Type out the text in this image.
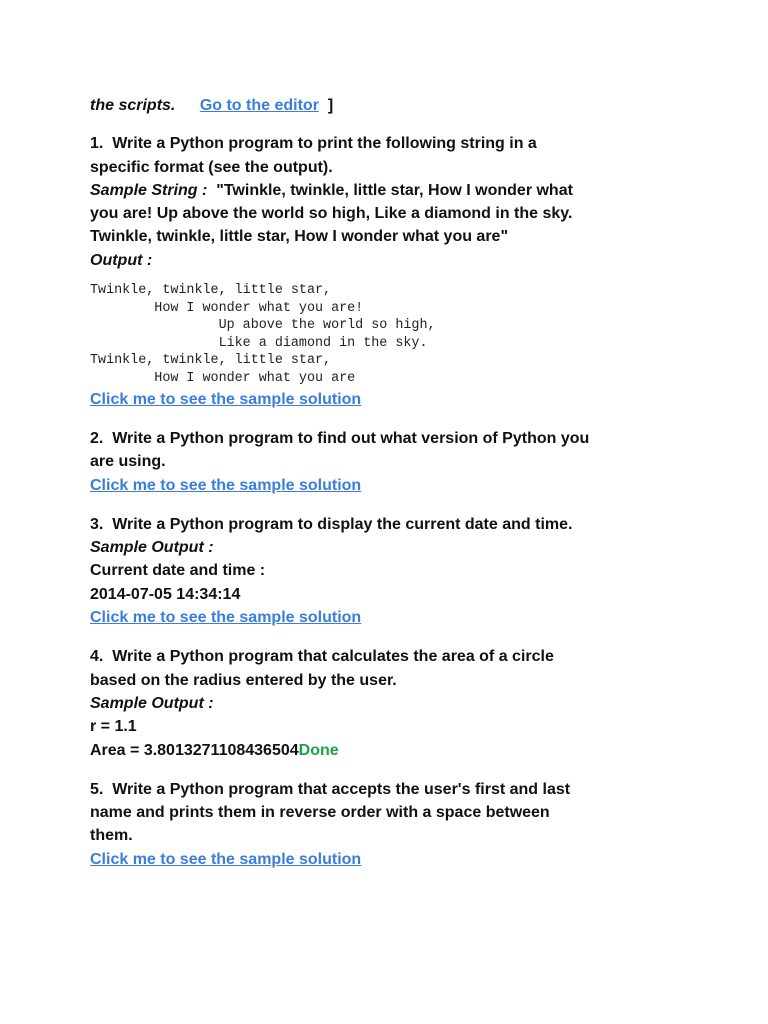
the scripts. Go to the editor ]
1. Write a Python program to print the following string in a
specific format (see the output).
Sample String : "Twinkle, twinkle, little star, How I wonder what
you are! Up above the world so high, Like a diamond in the sky.
Twinkle, twinkle, little star, How I wonder what you are"
Output :
Twinkle, twinkle, little star,
How I wonder what you are!
Up above the world so high,
Like a diamond in the sky.
Twinkle, twinkle, little star,
How I wonder what you are
Click me to see the sample solution
2. Write a Python program to find out what version of Python you
are using.
Click me to see the sample solution
3. Write a Python program to display the current date and time.
Sample Output :
Current date and time :
2014-07-05 14:34:14
Click me to see the sample solution
4. Write a Python program that calculates the area of a circle
based on the radius entered by the user.
Sample Output :
r = 1.1
Area = 3.8013271108436504Done
5. Write a Python program that accepts the user's first and last
name and prints them in reverse order with a space between
them.
Click me to see the sample solution
